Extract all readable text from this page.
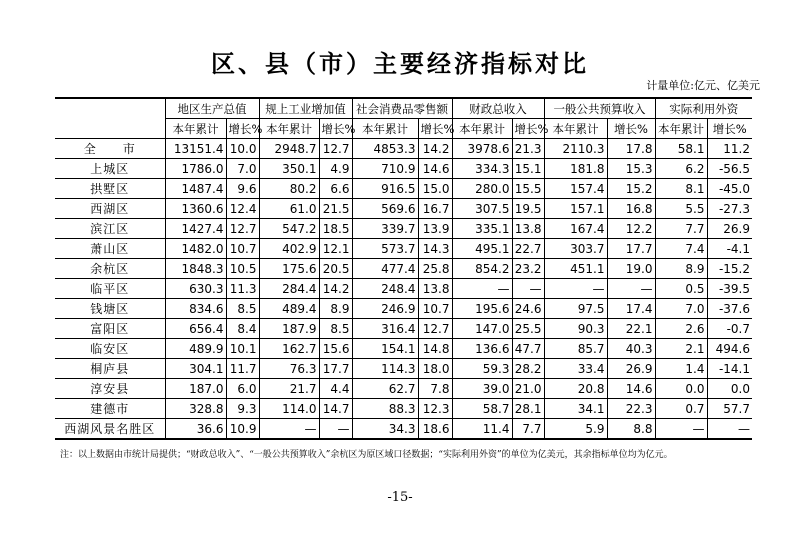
区、县（市）主要经济指标对比
计量单位:亿元、亿美元
	地区生产总值		规上工业增加值		社会消费品零售额		财政总收入		一般公共预算收入		实际利用外资	
	本年累计	增长%	本年累计	增长%	本年累计	增长%	本年累计	增长%	本年累计	增长%	本年累计	增长%
全　　市	13151.4	10.0	2948.7	12.7	4853.3	14.2	3978.6	21.3	2110.3	17.8	58.1	11.2
上城区	1786.0	7.0	350.1	4.9	710.9	14.6	334.3	15.1	181.8	15.3	6.2	-56.5
拱墅区	1487.4	9.6	80.2	6.6	916.5	15.0	280.0	15.5	157.4	15.2	8.1	-45.0
西湖区	1360.6	12.4	61.0	21.5	569.6	16.7	307.5	19.5	157.1	16.8	5.5	-27.3
滨江区	1427.4	12.7	547.2	18.5	339.7	13.9	335.1	13.8	167.4	12.2	7.7	26.9
萧山区	1482.0	10.7	402.9	12.1	573.7	14.3	495.1	22.7	303.7	17.7	7.4	-4.1
余杭区	1848.3	10.5	175.6	20.5	477.4	25.8	854.2	23.2	451.1	19.0	8.9	-15.2
临平区	630.3	11.3	284.4	14.2	248.4	13.8	—	—	—	—	0.5	-39.5
钱塘区	834.6	8.5	489.4	8.9	246.9	10.7	195.6	24.6	97.5	17.4	7.0	-37.6
富阳区	656.4	8.4	187.9	8.5	316.4	12.7	147.0	25.5	90.3	22.1	2.6	-0.7
临安区	489.9	10.1	162.7	15.6	154.1	14.8	136.6	47.7	85.7	40.3	2.1	494.6
桐庐县	304.1	11.7	76.3	17.7	114.3	18.0	59.3	28.2	33.4	26.9	1.4	-14.1
淳安县	187.0	6.0	21.7	4.4	62.7	7.8	39.0	21.0	20.8	14.6	0.0	0.0
建德市	328.8	9.3	114.0	14.7	88.3	12.3	58.7	28.1	34.1	22.3	0.7	57.7
西湖风景名胜区	36.6	10.9	—	—	34.3	18.6	11.4	7.7	5.9	8.8	—	—
注：以上数据由市统计局提供；“财政总收入”、“一般公共预算收入”余杭区为原区域口径数据；“实际利用外资”的单位为亿美元，其余指标单位均为亿元。
-15-
